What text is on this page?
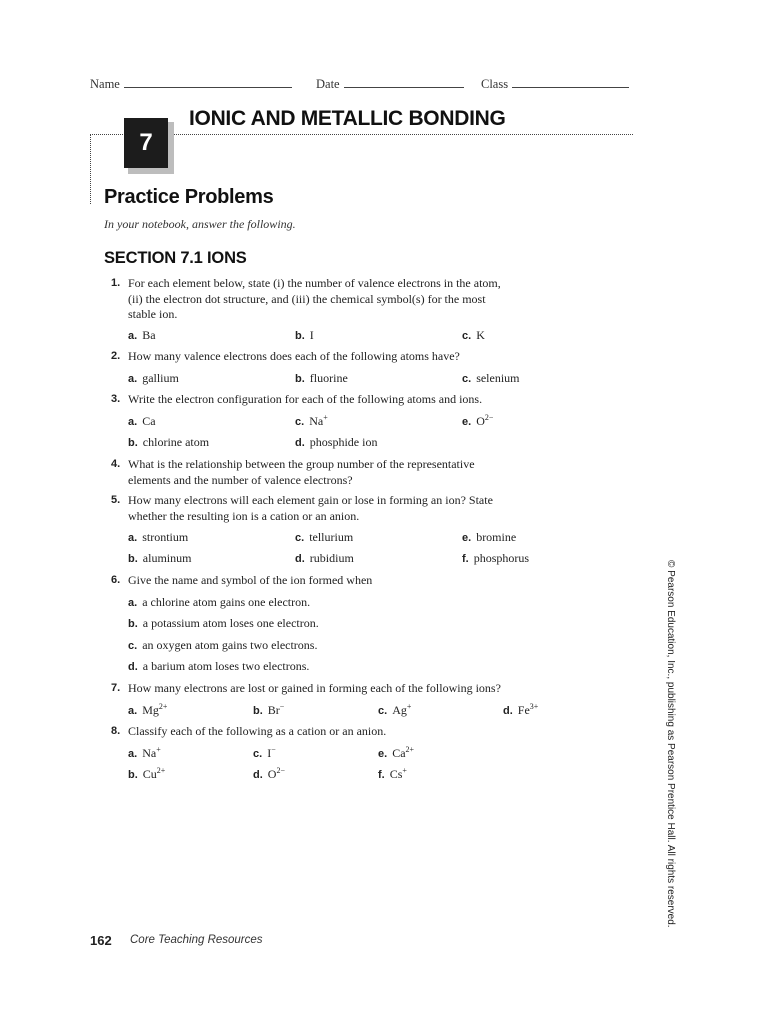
Name	Date	Class
7
IONIC AND METALLIC BONDING
Practice Problems
In your notebook, answer the following.
SECTION 7.1 IONS
1. For each element below, state (i) the number of valence electrons in the atom,
(ii) the electron dot structure, and (iii) the chemical symbol(s) for the most
stable ion.
a. Ba	b. I	c. K
2. How many valence electrons does each of the following atoms have?
a. gallium	b. fluorine	c. selenium
3. Write the electron configuration for each of the following atoms and ions.
a. Ca	c. Na+	e. $O^{2-}$
b. chlorine atom	d. phosphide ion
4. What is the relationship between the group number of the representative
elements and the number of valence electrons?
5. How many electrons will each element gain or lose in forming an ion? State
whether the resulting ion is a cation or an anion.
a. strontium	c. tellurium	e. bromine
b. aluminum	d. rubidium	f. phosphorus
6. Give the name and symbol of the ion formed when
a. a chlorine atom gains one electron.
b. a potassium atom loses one electron.
c. an oxygen atom gains two electrons.
d. a barium atom loses two electrons.
7. How many electrons are lost or gained in forming each of the following ions?
a. $Mg^{2+}$	b. Br−	c. Ag+	d. $Fe^{3+}$
8. Classify each of the following as a cation or an anion.
a. Na+	c. I−	e. $Ca^{2+}$
b. $Cu^{2+}$	d. $O^{2-}$	f. Cs+	© Pearson Education, Inc., publishing as Pearson Prentice Hall. All rights reserved.
162 Core Teaching Resources
